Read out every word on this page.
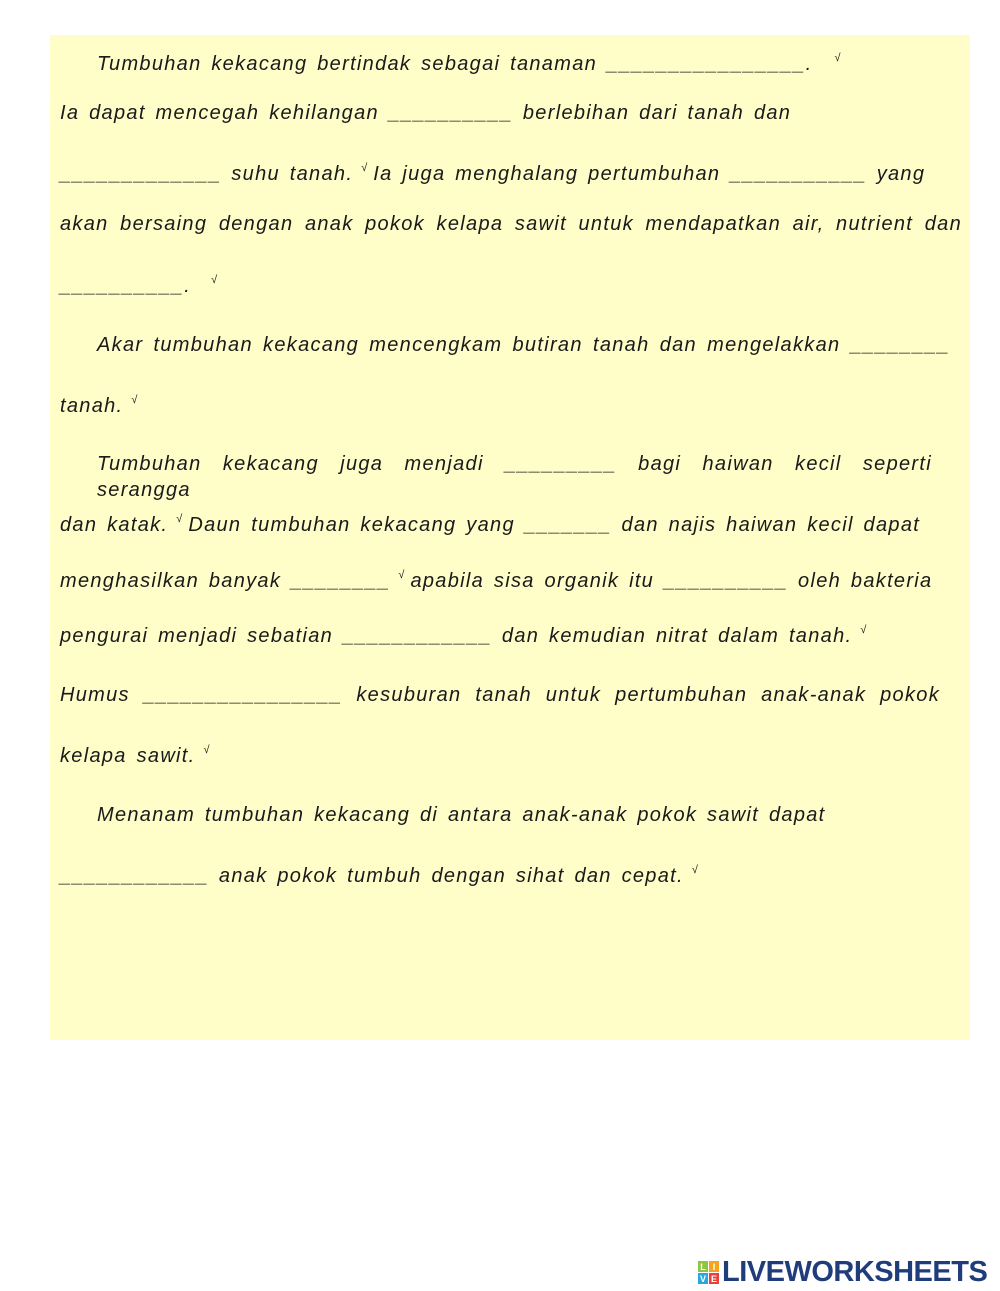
Tumbuhan kekacang bertindak sebagai tanaman ________________. √
Ia dapat mencegah kehilangan __________ berlebihan dari tanah dan
_____________ suhu tanah. √ Ia juga menghalang pertumbuhan ___________ yang
akan bersaing dengan anak pokok kelapa sawit untuk mendapatkan air, nutrient dan
__________. √
Akar tumbuhan kekacang mencengkam butiran tanah dan mengelakkan ________
tanah. √
Tumbuhan kekacang juga menjadi _________ bagi haiwan kecil seperti serangga
dan katak. √ Daun tumbuhan kekacang yang _______ dan najis haiwan kecil dapat
menghasilkan banyak ________ √ apabila sisa organik itu __________ oleh bakteria
pengurai menjadi sebatian ____________ dan kemudian nitrat dalam tanah. √
Humus ________________ kesuburan tanah untuk pertumbuhan anak-anak pokok
kelapa sawit. √
Menanam tumbuhan kekacang di antara anak-anak pokok sawit dapat
____________ anak pokok tumbuh dengan sihat dan cepat. √
L I
V E LIVEWORKSHEETS
